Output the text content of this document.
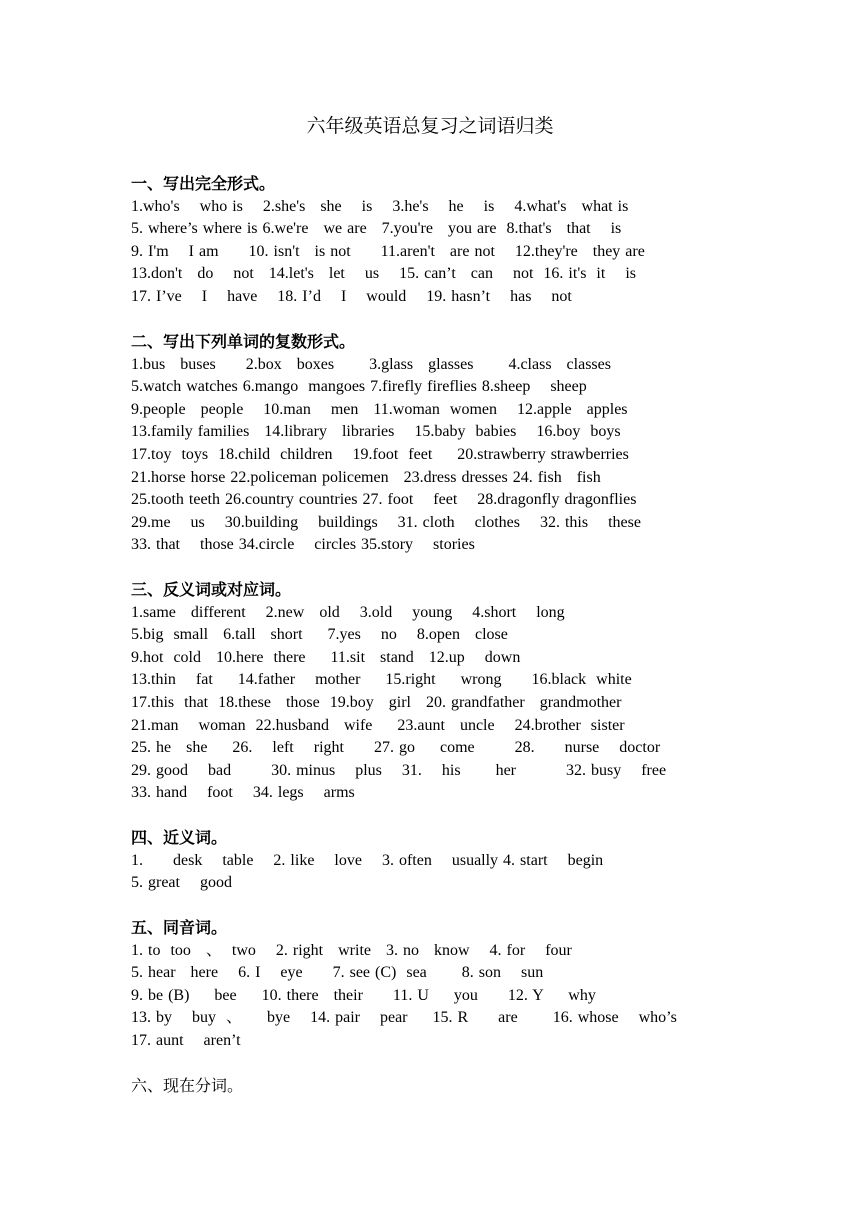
六年级英语总复习之词语归类
一、写出完全形式。
1.who's    who is    2.she's   she    is    3.he's    he    is    4.what's   what is
5. where’s where is 6.we're   we are   7.you're   you are  8.that's   that    is
9. I'm    I am      10. isn't   is not      11.aren't   are not    12.they're   they are
13.don't   do    not   14.let's   let    us    15. can’t   can    not  16. it's  it    is
17. I’ve    I    have    18. I’d    I    would    19. hasn’t    has    not
二、写出下列单词的复数形式。
1.bus   buses      2.box   boxes       3.glass   glasses       4.class   classes
5.watch watches 6.mango  mangoes 7.firefly fireflies 8.sheep    sheep
9.people   people    10.man    men   11.woman  women    12.apple   apples
13.family families   14.library   libraries    15.baby  babies    16.boy  boys
17.toy  toys  18.child  children    19.foot  feet     20.strawberry strawberries
21.horse horse 22.policeman policemen   23.dress dresses 24. fish   fish
25.tooth teeth 26.country countries 27. foot    feet    28.dragonfly dragonflies
29.me    us    30.building    buildings    31. cloth    clothes    32. this    these
33. that    those 34.circle    circles 35.story    stories
三、反义词或对应词。
1.same   different    2.new   old    3.old    young    4.short    long
5.big  small   6.tall   short     7.yes    no    8.open   close
9.hot  cold   10.here  there     11.sit   stand   12.up    down
13.thin    fat     14.father    mother     15.right     wrong      16.black  white
17.this  that  18.these   those  19.boy   girl   20. grandfather   grandmother
21.man    woman  22.husband   wife     23.aunt   uncle    24.brother  sister
25. he   she     26.    left    right      27. go     come        28.      nurse    doctor
29. good    bad        30. minus    plus    31.    his       her          32. busy    free
33. hand    foot    34. legs    arms
四、近义词。
1.      desk    table    2. like    love    3. often    usually 4. start    begin
5. great    good
五、同音词。
1. to  too   、  two    2. right   write   3. no   know    4. for    four
5. hear   here    6. I    eye      7. see (C)  sea       8. son    sun
9. be (B)     bee     10. there   their      11. U     you      12. Y     why
13. by    buy  、     bye    14. pair    pear     15. R      are       16. whose    who’s
17. aunt    aren’t
六、现在分词。
